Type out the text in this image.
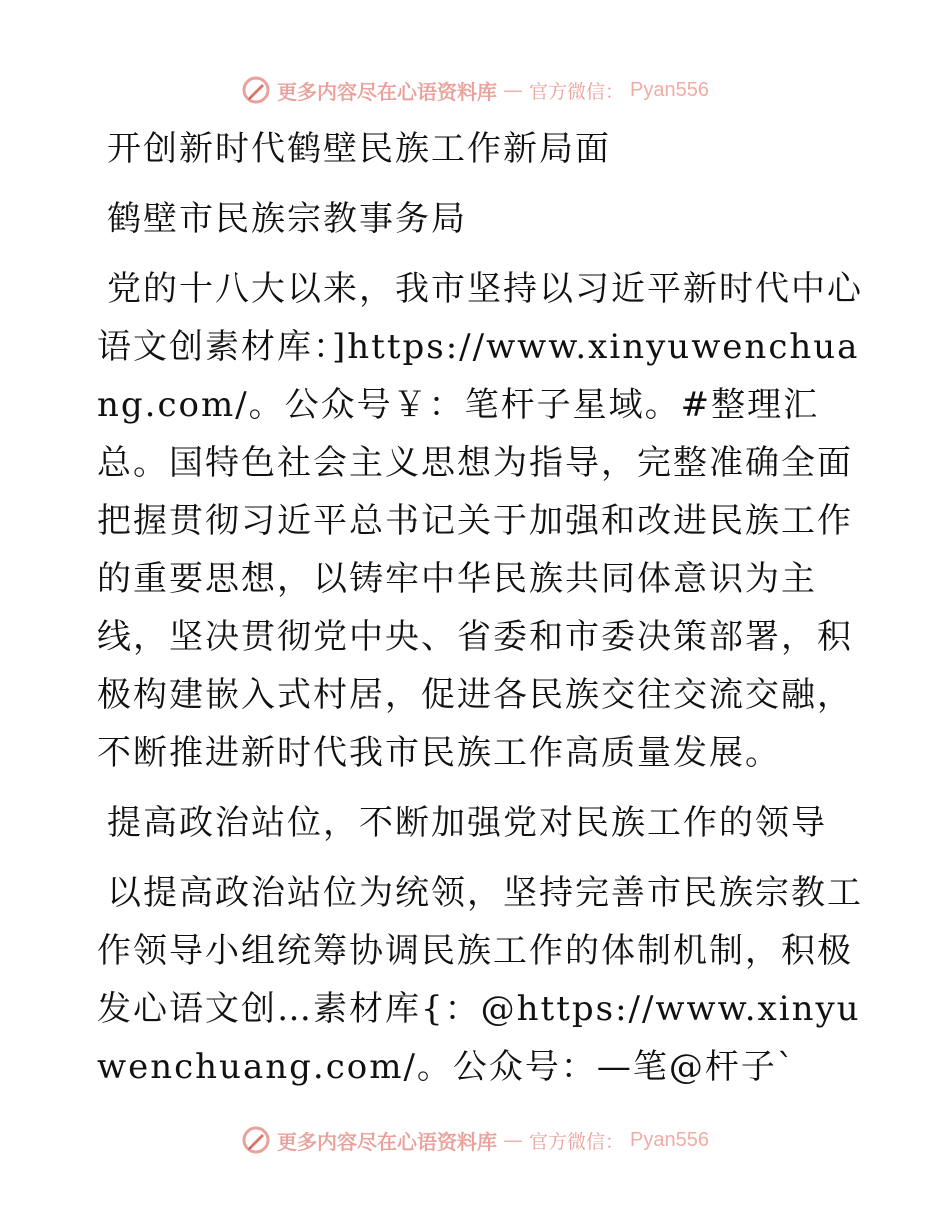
更多内容尽在心语资料库 — 官方微信： Pyan556

开创新时代鹤壁民族工作新局面

鹤壁市民族宗教事务局

党的十八大以来，我市坚持以习近平新时代中心语文创素材库：]https://www.xinyuwenchuang.com/。公众号￥：笔杆子星域。#整理汇总。国特色社会主义思想为指导，完整准确全面把握贯彻习近平总书记关于加强和改进民族工作的重要思想，以铸牢中华民族共同体意识为主线，坚决贯彻党中央、省委和市委决策部署，积极构建嵌入式村居，促进各民族交往交流交融，不断推进新时代我市民族工作高质量发展。

提高政治站位，不断加强党对民族工作的领导

以提高政治站位为统领，坚持完善市民族宗教工作领导小组统筹协调民族工作的体制机制，积极发心语文创…素材库{：@https://www.xinyuwenchuang.com/。公众号：—笔@杆子`

更多内容尽在心语资料库 — 官方微信： Pyan556
